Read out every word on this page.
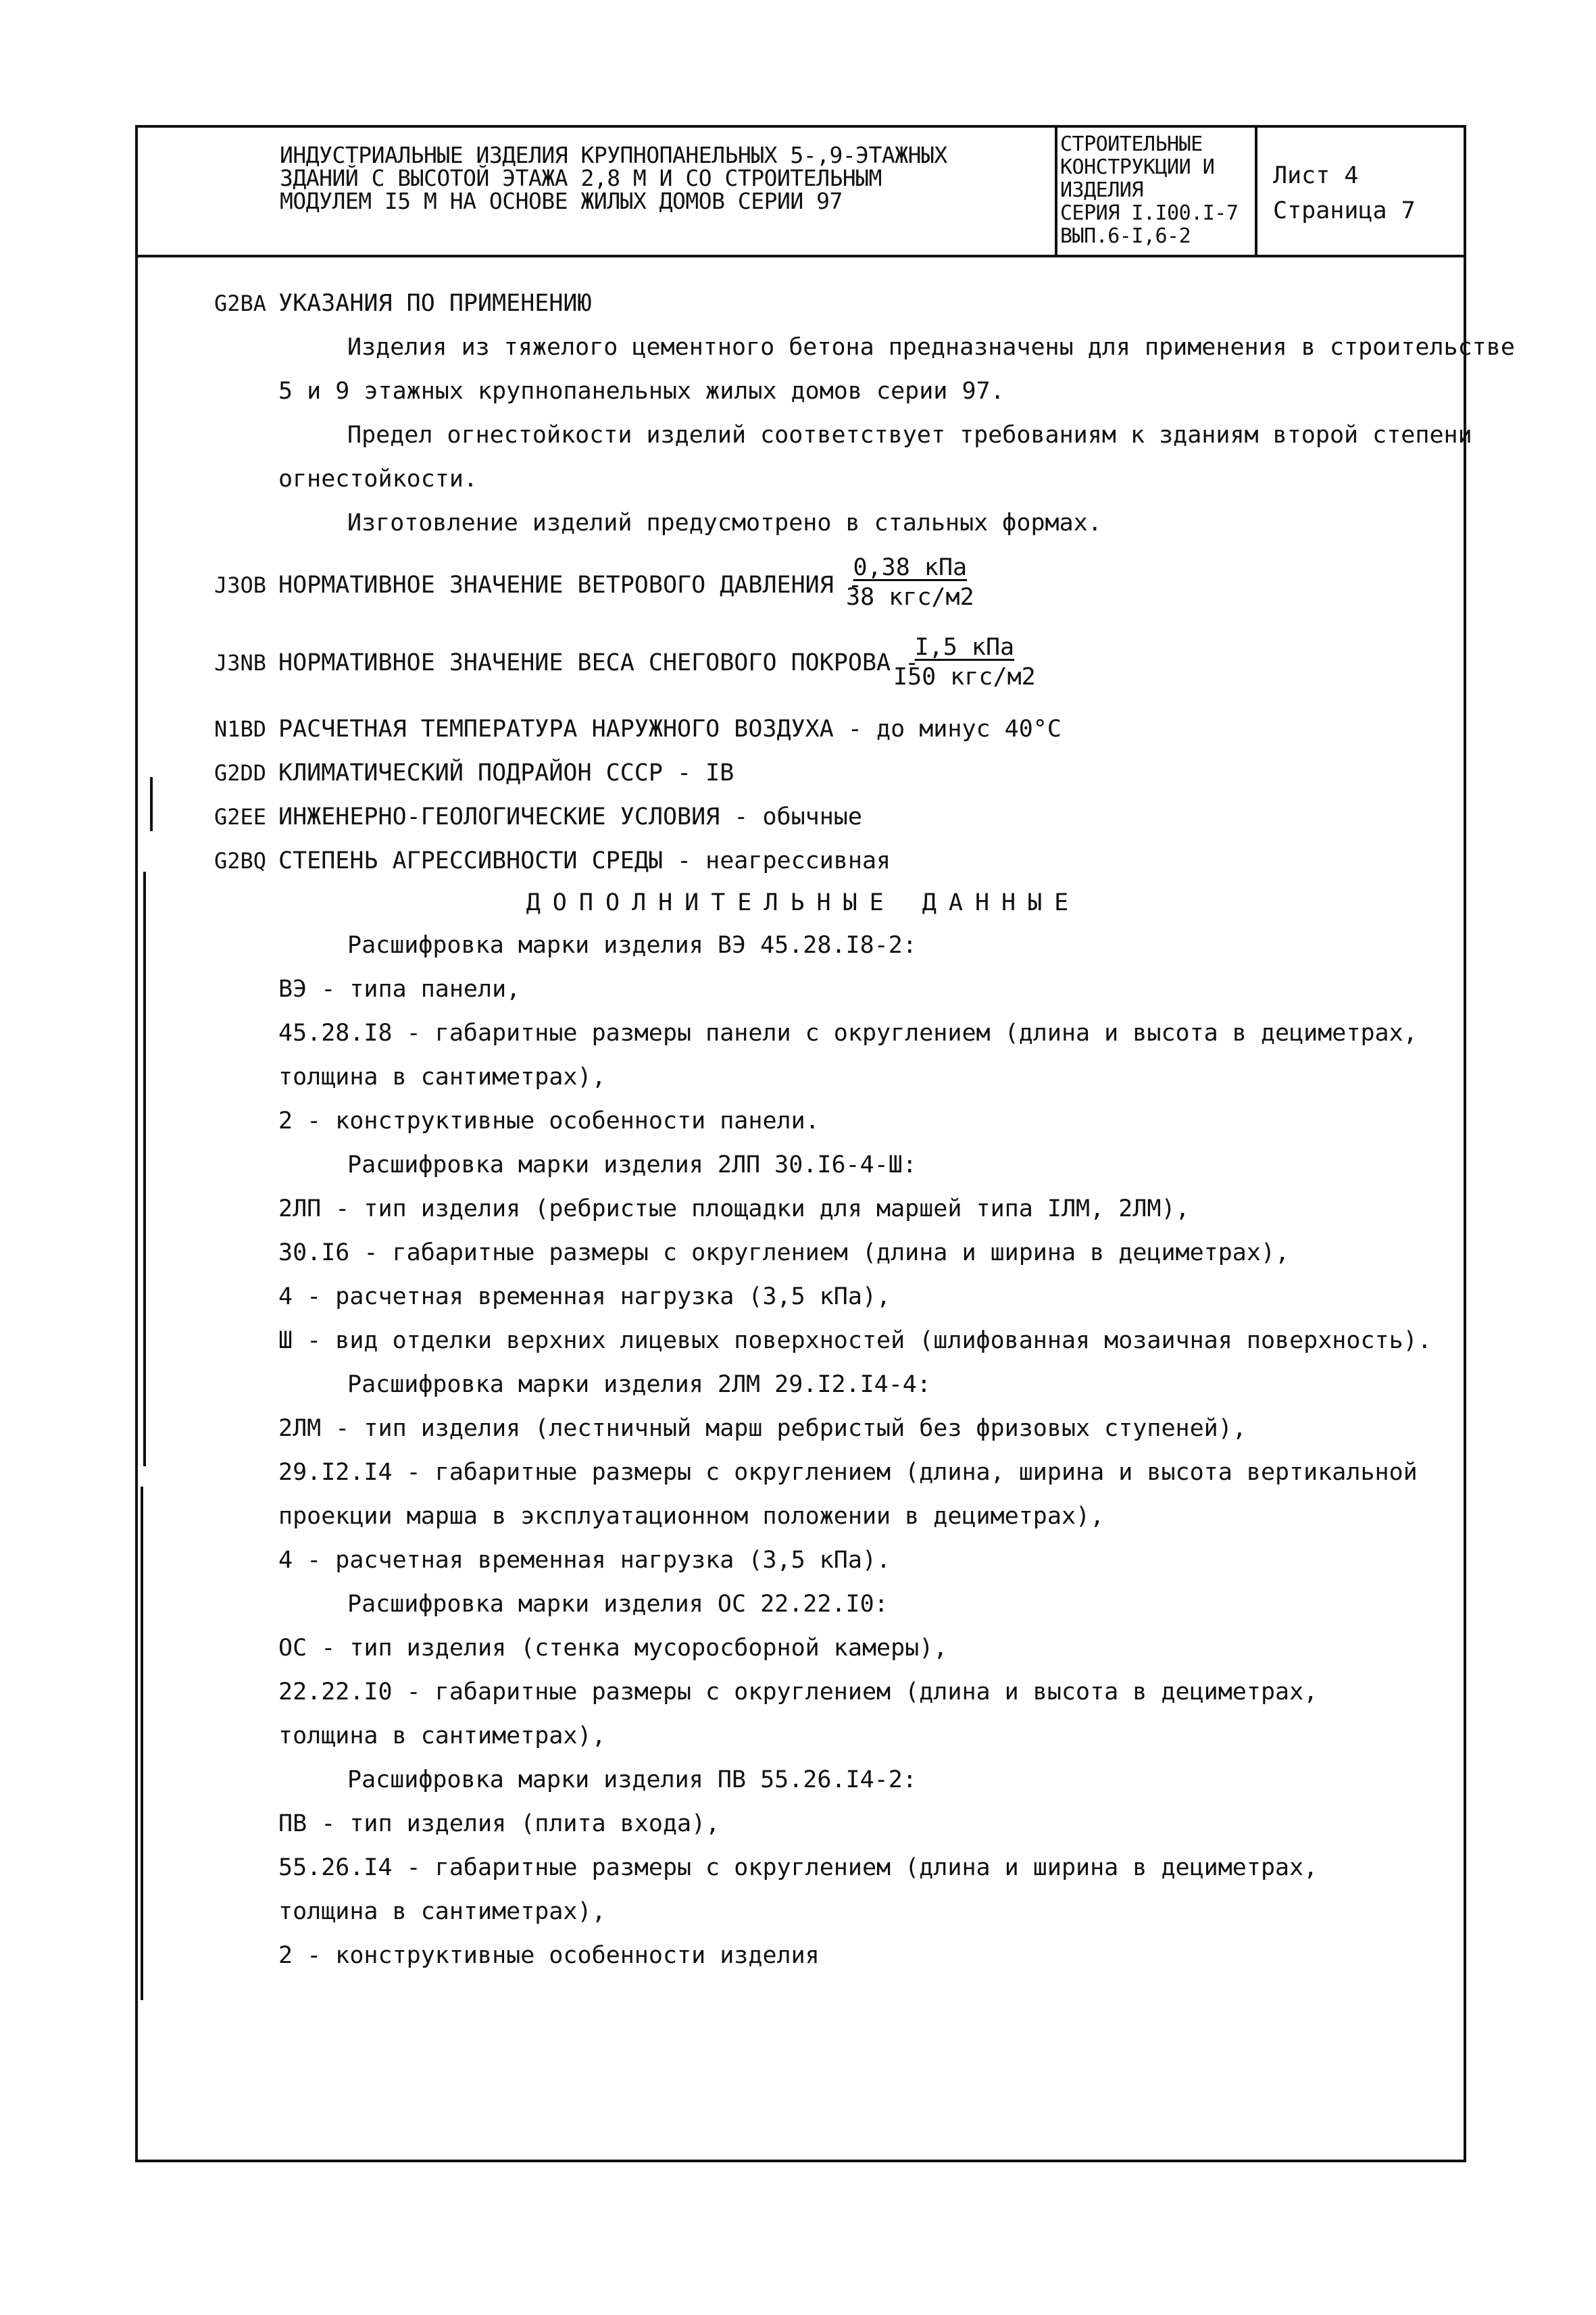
ИНДУСТРИАЛЬНЫЕ ИЗДЕЛИЯ КРУПНОПАНЕЛЬНЫХ 5-,9-ЭТАЖНЫХ
ЗДАНИЙ С ВЫСОТОЙ ЭТАЖА 2,8 М И СО СТРОИТЕЛЬНЫМ
МОДУЛЕМ I5 М НА ОСНОВЕ ЖИЛЫХ ДОМОВ СЕРИИ 97
СТРОИТЕЛЬНЫЕ
КОНСТРУКЦИИ И
ИЗДЕЛИЯ
СЕРИЯ I.I00.I-7
ВЫП.6-I,6-2
Лист 4
Страница 7
G2BA УКАЗАНИЯ ПО ПРИМЕНЕНИЮ
Изделия из тяжелого цементного бетона предназначены для применения в строительстве
5 и 9 этажных крупнопанельных жилых домов серии 97.
Предел огнестойкости изделий соответствует требованиям к зданиям второй степени
огнестойкости.
Изготовление изделий предусмотрено в стальных формах.
J3OB НОРМАТИВНОЕ ЗНАЧЕНИЕ ВЕТРОВОГО ДАВЛЕНИЯ -
0,38 кПа
38 кгс/м2
J3NB НОРМАТИВНОЕ ЗНАЧЕНИЕ ВЕСА СНЕГОВОГО ПОКРОВА -
I,5 кПа
I50 кгс/м2
N1BD РАСЧЕТНАЯ ТЕМПЕРАТУРА НАРУЖНОГО ВОЗДУХА - до минус 40°С
G2DD КЛИМАТИЧЕСКИЙ ПОДРАЙОН СССР - IB
G2EE ИНЖЕНЕРНО-ГЕОЛОГИЧЕСКИЕ УСЛОВИЯ - обычные
G2BQ СТЕПЕНЬ АГРЕССИВНОСТИ СРЕДЫ - неагрессивная
ДОПОЛНИТЕЛЬНЫЕ ДАННЫЕ
Расшифровка марки изделия ВЭ 45.28.I8-2:
ВЭ - типа панели,
45.28.I8 - габаритные размеры панели с округлением (длина и высота в дециметрах,
толщина в сантиметрах),
2 - конструктивные особенности панели.
Расшифровка марки изделия 2ЛП 30.I6-4-Ш:
2ЛП - тип изделия (ребристые площадки для маршей типа IЛМ, 2ЛМ),
30.I6 - габаритные размеры с округлением (длина и ширина в дециметрах),
4 - расчетная временная нагрузка (3,5 кПа),
Ш - вид отделки верхних лицевых поверхностей (шлифованная мозаичная поверхность).
Расшифровка марки изделия 2ЛМ 29.I2.I4-4:
2ЛМ - тип изделия (лестничный марш ребристый без фризовых ступеней),
29.I2.I4 - габаритные размеры с округлением (длина, ширина и высота вертикальной
проекции марша в эксплуатационном положении в дециметрах),
4 - расчетная временная нагрузка (3,5 кПа).
Расшифровка марки изделия ОС 22.22.I0:
ОС - тип изделия (стенка мусоросборной камеры),
22.22.I0 - габаритные размеры с округлением (длина и высота в дециметрах,
толщина в сантиметрах),
Расшифровка марки изделия ПВ 55.26.I4-2:
ПВ - тип изделия (плита входа),
55.26.I4 - габаритные размеры с округлением (длина и ширина в дециметрах,
толщина в сантиметрах),
2 - конструктивные особенности изделия
